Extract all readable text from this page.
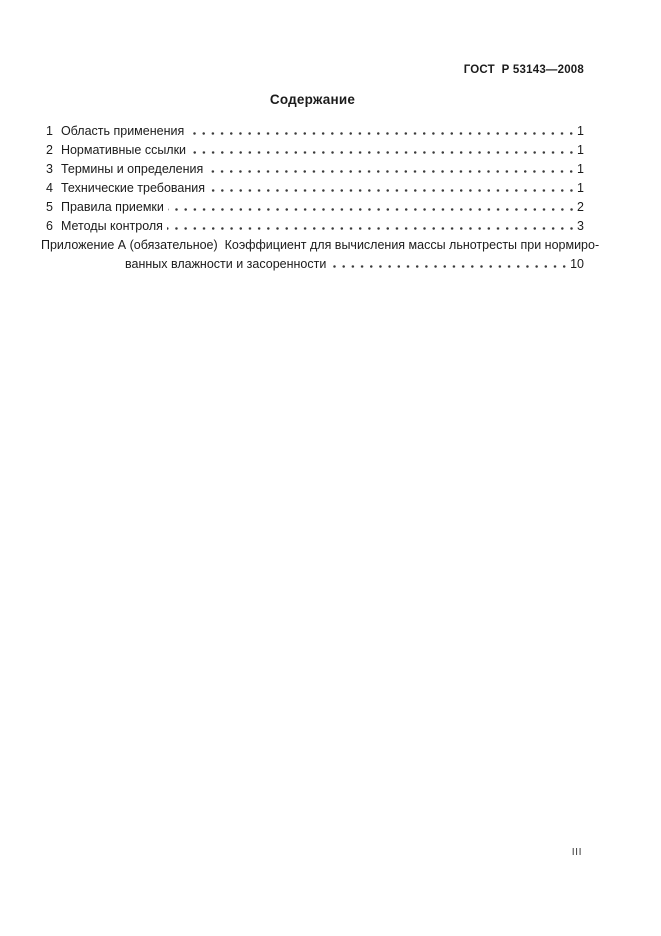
ГОСТ  Р 53143—2008
Содержание
1 Область применения	1
2 Нормативные ссылки	1
3 Термины и определения	1
4 Технические требования	1
5 Правила приемки	2
6 Методы контроля	3
Приложение А (обязательное)  Коэффициент для вычисления массы льнотресты при нормиро-
ванных влажности и засоренности	10
III
